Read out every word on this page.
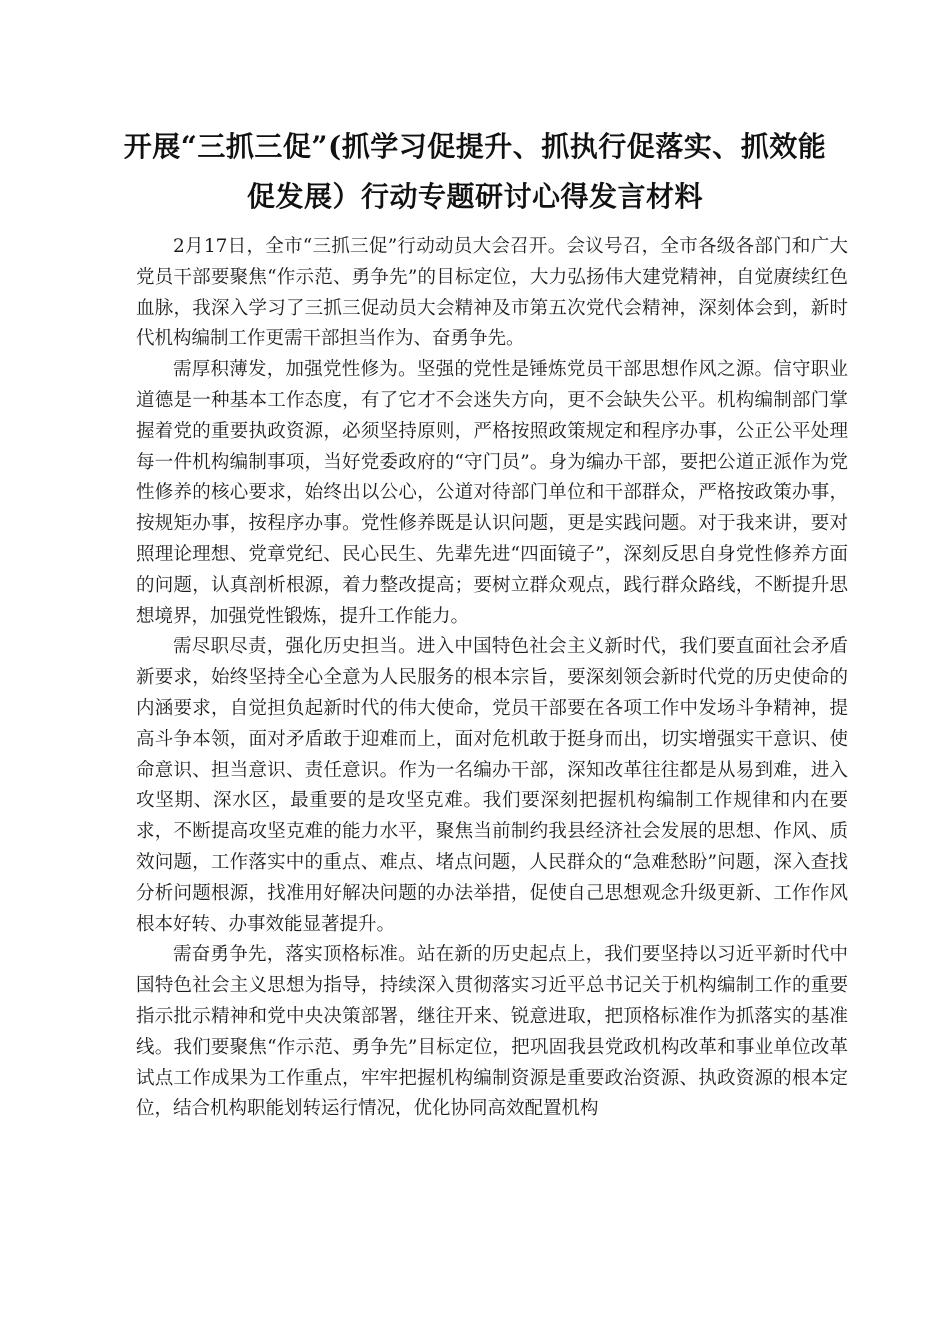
开展“三抓三促”(抓学习促提升、抓执行促落实、抓效能促发展）行动专题研讨心得发言材料

2月17日，全市“三抓三促”行动动员大会召开。会议号召，全市各级各部门和广大党员干部要聚焦“作示范、勇争先”的目标定位，大力弘扬伟大建党精神，自觉赓续红色血脉，我深入学习了三抓三促动员大会精神及市第五次党代会精神，深刻体会到，新时代机构编制工作更需干部担当作为、奋勇争先。

需厚积薄发，加强党性修为。坚强的党性是锤炼党员干部思想作风之源。信守职业道德是一种基本工作态度，有了它才不会迷失方向，更不会缺失公平。机构编制部门掌握着党的重要执政资源，必须坚持原则，严格按照政策规定和程序办事，公正公平处理每一件机构编制事项，当好党委政府的“守门员”。身为编办干部，要把公道正派作为党性修养的核心要求，始终出以公心，公道对待部门单位和干部群众，严格按政策办事，按规矩办事，按程序办事。党性修养既是认识问题，更是实践问题。对于我来讲，要对照理论理想、党章党纪、民心民生、先辈先进“四面镜子”，深刻反思自身党性修养方面的问题，认真剖析根源，着力整改提高；要树立群众观点，践行群众路线，不断提升思想境界，加强党性锻炼，提升工作能力。

需尽职尽责，强化历史担当。进入中国特色社会主义新时代，我们要直面社会矛盾新要求，始终坚持全心全意为人民服务的根本宗旨，要深刻领会新时代党的历史使命的内涵要求，自觉担负起新时代的伟大使命，党员干部要在各项工作中发场斗争精神，提高斗争本领，面对矛盾敢于迎难而上，面对危机敢于挺身而出，切实增强实干意识、使命意识、担当意识、责任意识。作为一名编办干部，深知改革往往都是从易到难，进入攻坚期、深水区，最重要的是攻坚克难。我们要深刻把握机构编制工作规律和内在要求，不断提高攻坚克难的能力水平，聚焦当前制约我县经济社会发展的思想、作风、质效问题，工作落实中的重点、难点、堵点问题，人民群众的“急难愁盼”问题，深入查找分析问题根源，找准用好解决问题的办法举措，促使自己思想观念升级更新、工作作风根本好转、办事效能显著提升。

需奋勇争先，落实顶格标准。站在新的历史起点上，我们要坚持以习近平新时代中国特色社会主义思想为指导，持续深入贯彻落实习近平总书记关于机构编制工作的重要指示批示精神和党中央决策部署，继往开来、锐意进取，把顶格标准作为抓落实的基准线。我们要聚焦“作示范、勇争先”目标定位，把巩固我县党政机构改革和事业单位改革试点工作成果为工作重点，牢牢把握机构编制资源是重要政治资源、执政资源的根本定位，结合机构职能划转运行情况，优化协同高效配置机构
